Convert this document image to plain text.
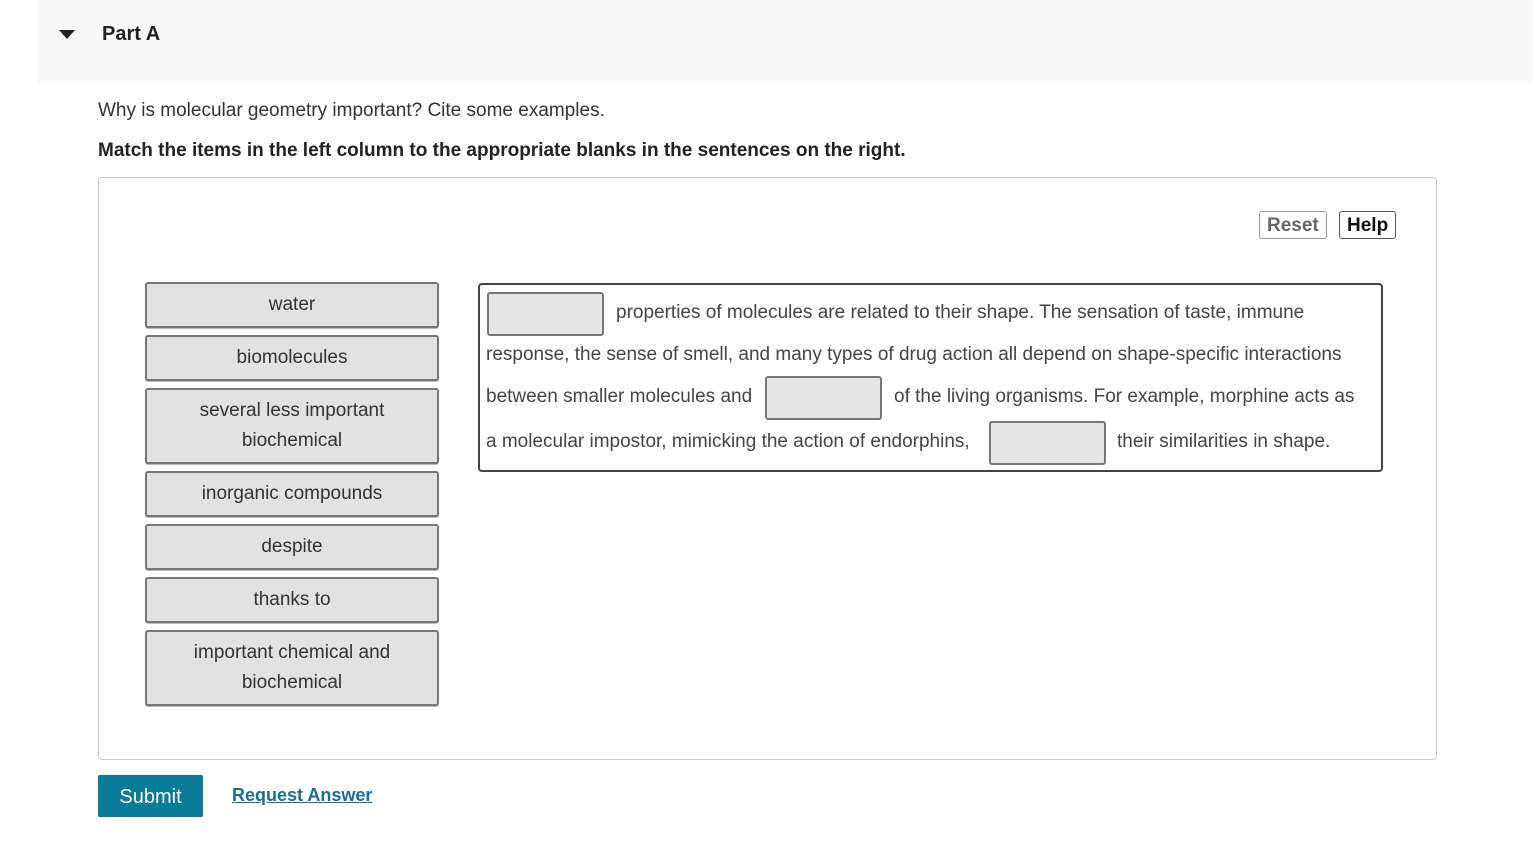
Part A
Why is molecular geometry important? Cite some examples.
Match the items in the left column to the appropriate blanks in the sentences on the right.
Reset	Help
water
biomolecules
several less important biochemical
inorganic compounds
despite
thanks to
important chemical and biochemical
properties of molecules are related to their shape. The sensation of taste, immune
response, the sense of smell, and many types of drug action all depend on shape-specific interactions
between smaller molecules and	of the living organisms. For example, morphine acts as
a molecular impostor, mimicking the action of endorphins,	their similarities in shape.
Submit	Request Answer
